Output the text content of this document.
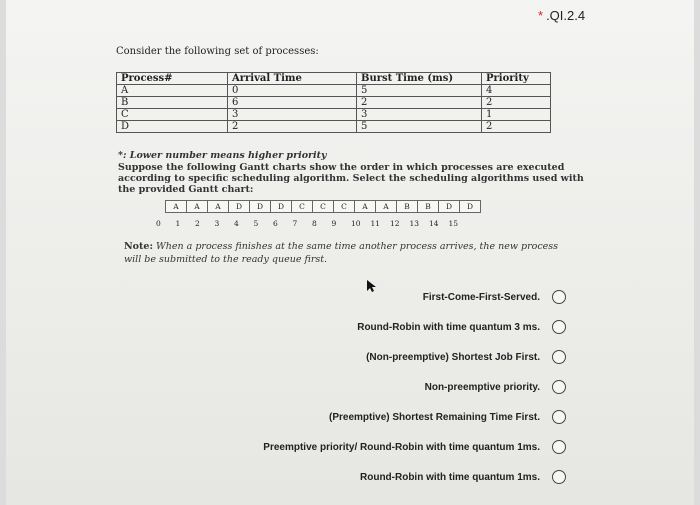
* .QI.2.4
Consider the following set of processes:
Process#	Arrival Time	Burst Time (ms)	Priority
A	0	5	4
B	6	2	2
C	3	3	1
D	2	5	2
*: Lower number means higher priority
Suppose the following Gantt charts show the order in which processes are executed according to specific scheduling algorithm. Select the scheduling algorithms used with the provided Gantt chart:
A	A	A	D	D	D	C	C	C	A	A	B	B	D	D
0 1 2 3 4 5 6 7 8 9 10 11 12 13 14 15
Note: When a process finishes at the same time another process arrives, the new process will be submitted to the ready queue first.
First-Come-First-Served.
Round-Robin with time quantum 3 ms.
(Non-preemptive) Shortest Job First.
Non-preemptive priority.
(Preemptive) Shortest Remaining Time First.
Preemptive priority/ Round-Robin with time quantum 1ms.
Round-Robin with time quantum 1ms.
